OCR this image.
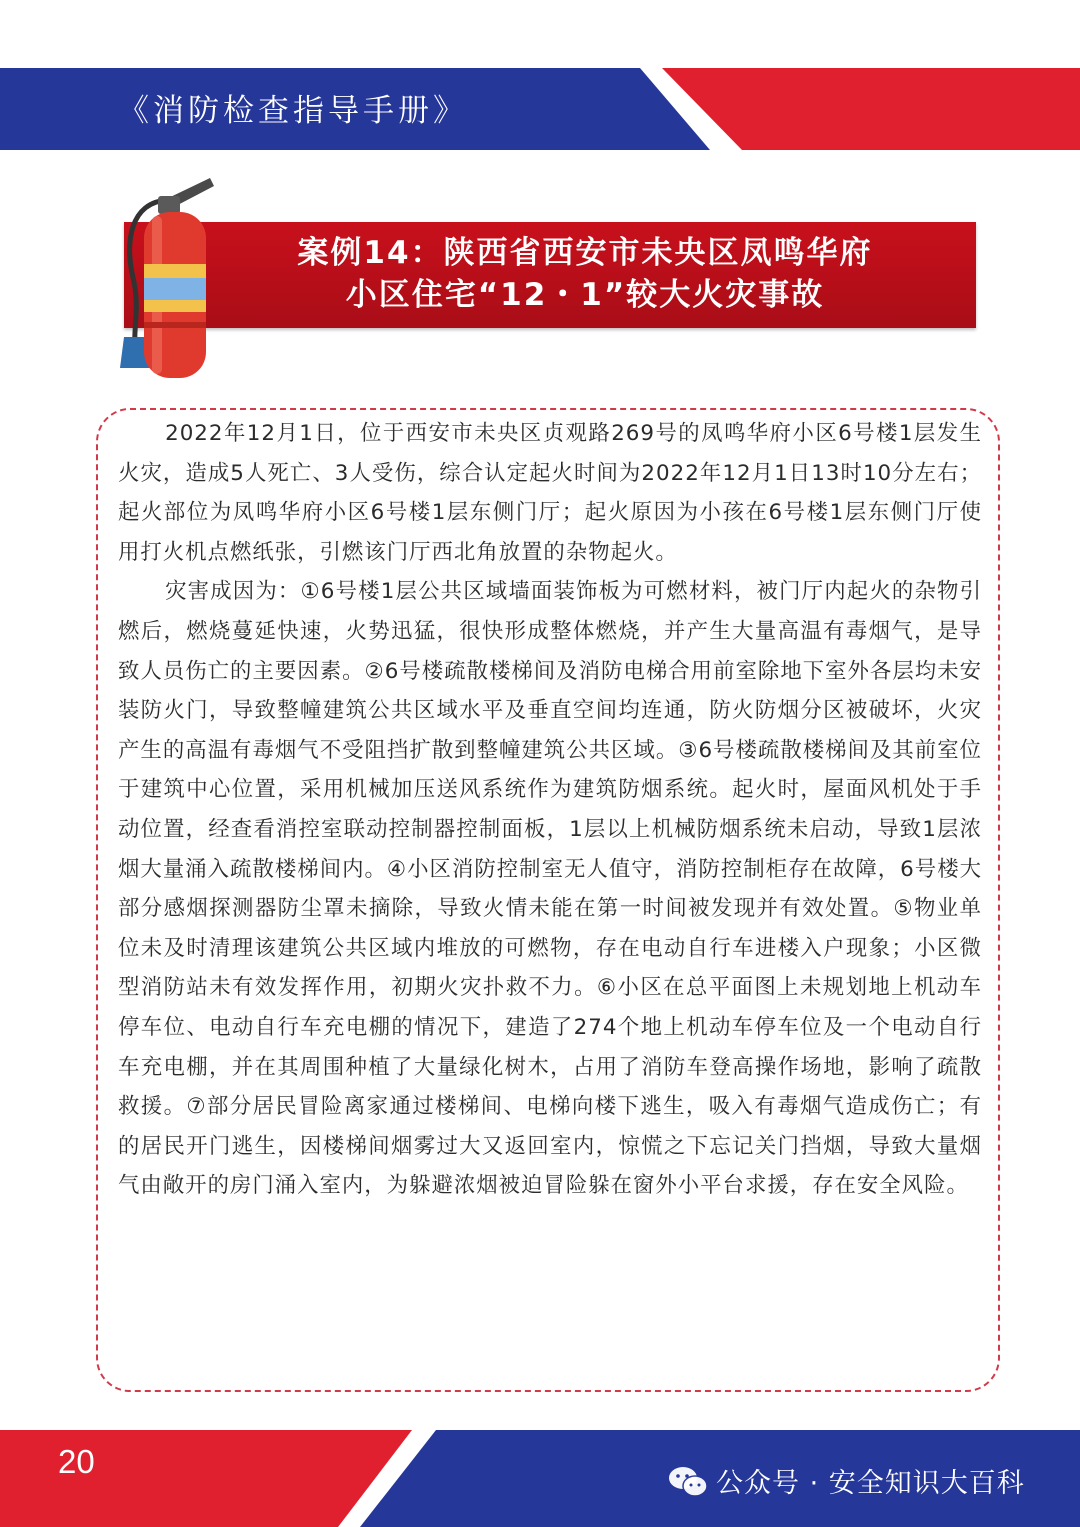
《消防检查指导手册》
案例14：陕西省西安市未央区凤鸣华府
小区住宅“12・1”较大火灾事故

2022年12月1日，位于西安市未央区贞观路269号的凤鸣华府小区6号楼1层发生火灾，造成5人死亡、3人受伤，综合认定起火时间为2022年12月1日13时10分左右；起火部位为凤鸣华府小区6号楼1层东侧门厅；起火原因为小孩在6号楼1层东侧门厅使用打火机点燃纸张，引燃该门厅西北角放置的杂物起火。

灾害成因为：①6号楼1层公共区域墙面装饰板为可燃材料，被门厅内起火的杂物引燃后，燃烧蔓延快速，火势迅猛，很快形成整体燃烧，并产生大量高温有毒烟气，是导致人员伤亡的主要因素。②6号楼疏散楼梯间及消防电梯合用前室除地下室外各层均未安装防火门，导致整幢建筑公共区域水平及垂直空间均连通，防火防烟分区被破坏，火灾产生的高温有毒烟气不受阻挡扩散到整幢建筑公共区域。③6号楼疏散楼梯间及其前室位于建筑中心位置，采用机械加压送风系统作为建筑防烟系统。起火时，屋面风机处于手动位置，经查看消控室联动控制器控制面板，1层以上机械防烟系统未启动，导致1层浓烟大量涌入疏散楼梯间内。④小区消防控制室无人值守，消防控制柜存在故障，6号楼大部分感烟探测器防尘罩未摘除，导致火情未能在第一时间被发现并有效处置。⑤物业单位未及时清理该建筑公共区域内堆放的可燃物，存在电动自行车进楼入户现象；小区微型消防站未有效发挥作用，初期火灾扑救不力。⑥小区在总平面图上未规划地上机动车停车位、电动自行车充电棚的情况下，建造了274个地上机动车停车位及一个电动自行车充电棚，并在其周围种植了大量绿化树木，占用了消防车登高操作场地，影响了疏散救援。⑦部分居民冒险离家通过楼梯间、电梯向楼下逃生，吸入有毒烟气造成伤亡；有的居民开门逃生，因楼梯间烟雾过大又返回室内，惊慌之下忘记关门挡烟，导致大量烟气由敞开的房门涌入室内，为躲避浓烟被迫冒险躲在窗外小平台求援，存在安全风险。

20
公众号 · 安全知识大百科
